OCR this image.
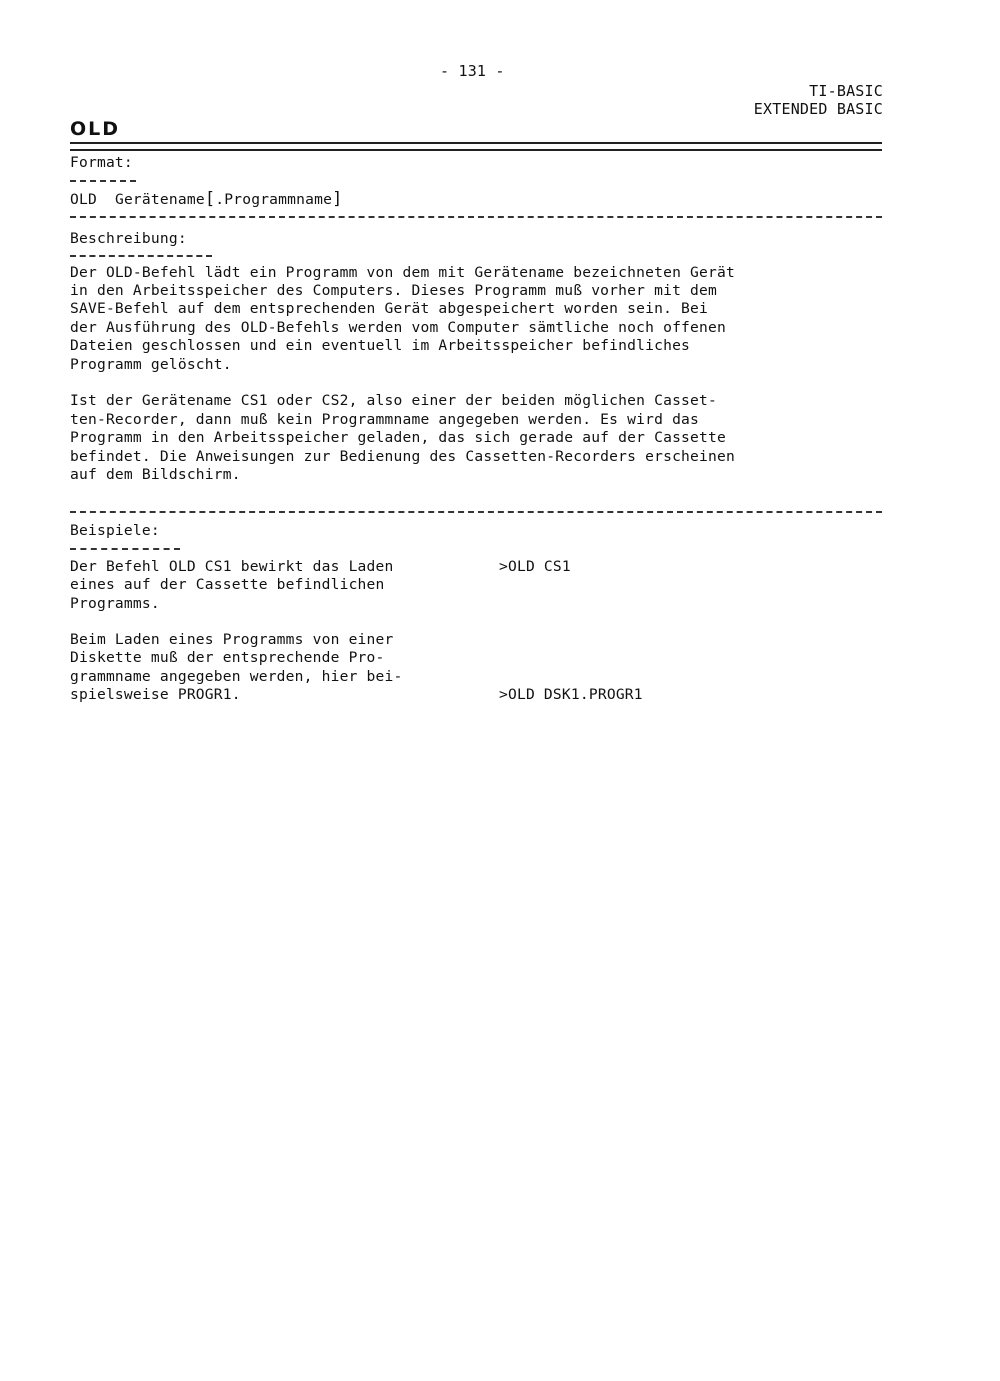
- 131 -
TI-BASIC
EXTENDED BASIC
OLD
Format:
OLD Gerätename[.Programmname]
Beschreibung:
Der OLD-Befehl lädt ein Programm von dem mit Gerätename bezeichneten Gerät
in den Arbeitsspeicher des Computers. Dieses Programm muß vorher mit dem
SAVE-Befehl auf dem entsprechenden Gerät abgespeichert worden sein. Bei
der Ausführung des OLD-Befehls werden vom Computer sämtliche noch offenen
Dateien geschlossen und ein eventuell im Arbeitsspeicher befindliches
Programm gelöscht.
Ist der Gerätename CS1 oder CS2, also einer der beiden möglichen Casset-
ten-Recorder, dann muß kein Programmname angegeben werden. Es wird das
Programm in den Arbeitsspeicher geladen, das sich gerade auf der Cassette
befindet. Die Anweisungen zur Bedienung des Cassetten-Recorders erscheinen
auf dem Bildschirm.
Beispiele:
Der Befehl OLD CS1 bewirkt das Laden
eines auf der Cassette befindlichen
Programms.
>OLD CS1
Beim Laden eines Programms von einer
Diskette muß der entsprechende Pro-
grammname angegeben werden, hier bei-
spielsweise PROGR1.	>OLD DSK1.PROGR1
